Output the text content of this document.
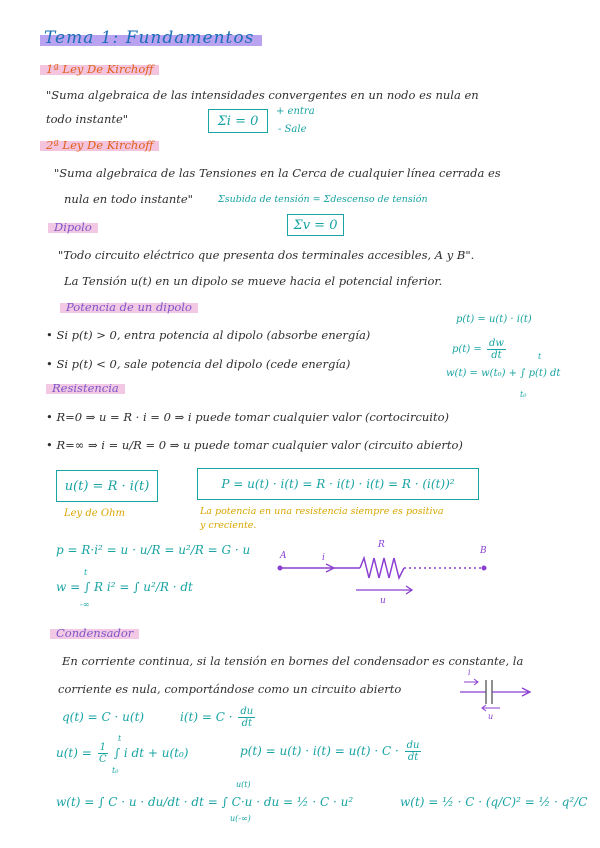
Tema 1: Fundamentos
1ª Ley De Kirchoff
"Suma algebraica de las intensidades convergentes en un nodo es nula en
todo instante"	Σi = 0
+ entra
- Sale
2ª Ley De Kirchoff
"Suma algebraica de las Tensiones en la Cerca de cualquier línea cerrada es
nula en todo instante"	Σsubida de tensión = Σdescenso de tensión
Σv = 0
Dipolo
"Todo circuito eléctrico que presenta dos terminales accesibles, A y B".
La Tensión u(t) en un dipolo se mueve hacia el potencial inferior.
Potencia de un dipolo
• Si p(t) > 0, entra potencia al dipolo (absorbe energía)
• Si p(t) < 0, sale potencia del dipolo (cede energía)
p(t) = u(t) · i(t)
$p(t) = \frac{dw}{dt}$
w(t) = w(t₀) + ∫ p(t) dt
t
t₀
Resistencia
• R=0 ⇒ u = R · i = 0 ⇒ i puede tomar cualquier valor (cortocircuito)
• R=∞ ⇒ i = u/R = 0 ⇒ u puede tomar cualquier valor (circuito abierto)
u(t) = R · i(t)
Ley de Ohm
P = u(t) · i(t) = R · i(t) · i(t) = R · (i(t))²
La potencia en una resistencia siempre es positiva
y creciente.
p = R·i² = u · u/R = u²/R = G · u
w = ∫ R i² = ∫ u²/R · dt
t
-∞
A	B
i
R
u
Condensador
En corriente continua, si la tensión en bornes del condensador es constante, la
corriente es nula, comportándose como un circuito abierto
i
u
q(t) = C · u(t)	$i(t) = C \cdot \frac{du}{dt}$
$u(t) = \frac{1}{C}$ ∫ i dt + u(t₀)
t
t₀
$p(t) = u(t) \cdot i(t) = u(t) \cdot C \cdot \frac{du}{dt}$
w(t) = ∫ C · u · du/dt · dt = ∫ C·u · du = ½ · C · u²
u(t)
u(-∞)
w(t) = ½ · C · (q/C)² = ½ · q²/C
